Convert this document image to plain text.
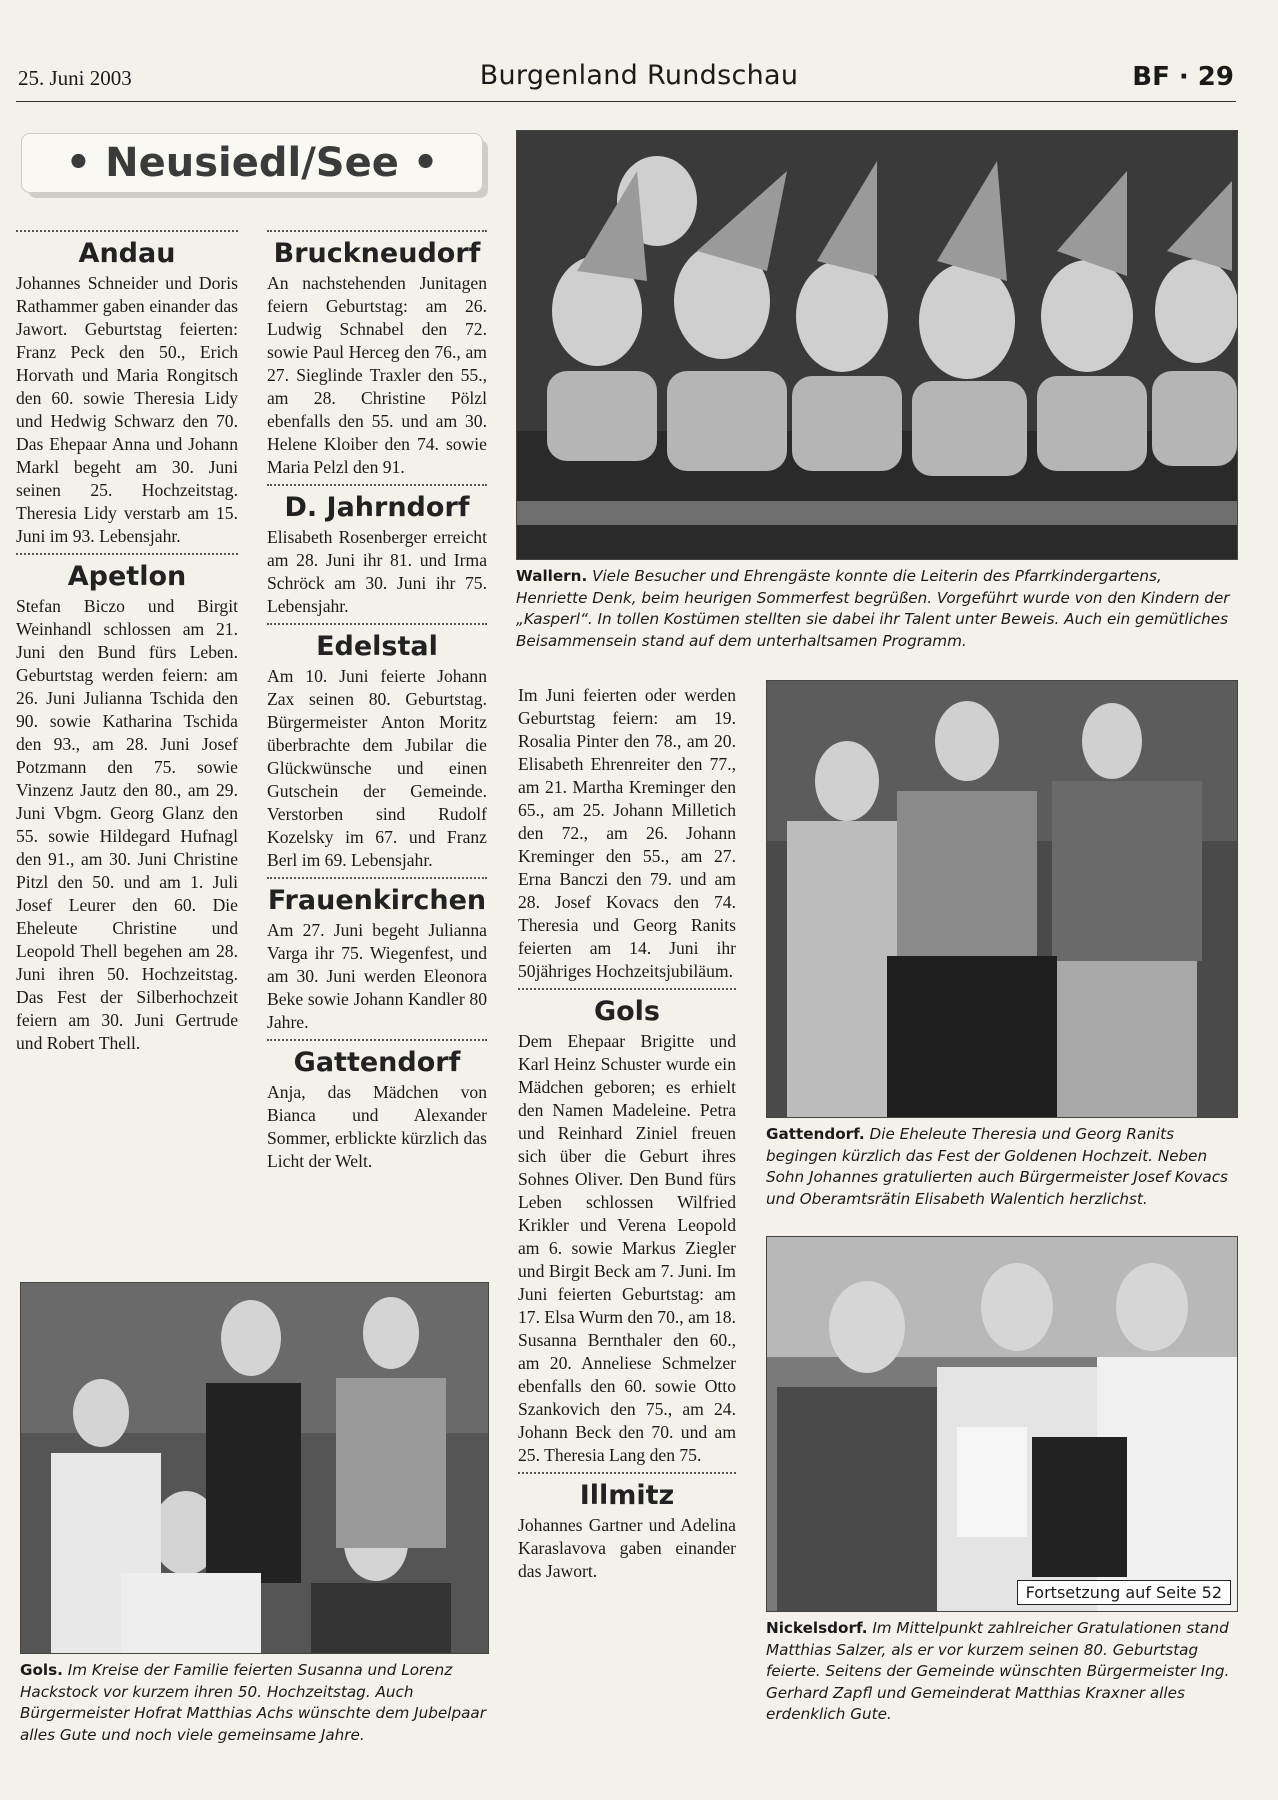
25. Juni 2003	Burgenland Rundschau	BF · 29
• Neusiedl/See •
Andau

Johannes Schneider und Doris Rathammer gaben einander das Jawort. Geburtstag feierten: Franz Peck den 50., Erich Horvath und Maria Rongitsch den 60. sowie Theresia Lidy und Hedwig Schwarz den 70. Das Ehepaar Anna und Johann Markl begeht am 30. Juni seinen 25. Hochzeitstag. Theresia Lidy verstarb am 15. Juni im 93. Lebensjahr.

Apetlon

Stefan Biczo und Birgit Weinhandl schlossen am 21. Juni den Bund fürs Leben. Geburtstag werden feiern: am 26. Juni Julianna Tschida den 90. sowie Katharina Tschida den 93., am 28. Juni Josef Potzmann den 75. sowie Vinzenz Jautz den 80., am 29. Juni Vbgm. Georg Glanz den 55. sowie Hildegard Hufnagl den 91., am 30. Juni Christine Pitzl den 50. und am 1. Juli Josef Leurer den 60. Die Eheleute Christine und Leopold Thell begehen am 28. Juni ihren 50. Hochzeitstag. Das Fest der Silberhochzeit feiern am 30. Juni Gertrude und Robert Thell.

Bruckneudorf

An nachstehenden Junitagen feiern Geburtstag: am 26. Ludwig Schnabel den 72. sowie Paul Herceg den 76., am 27. Sieglinde Traxler den 55., am 28. Christine Pölzl ebenfalls den 55. und am 30. Helene Kloiber den 74. sowie Maria Pelzl den 91.

D. Jahrndorf

Elisabeth Rosenberger erreicht am 28. Juni ihr 81. und Irma Schröck am 30. Juni ihr 75. Lebensjahr.

Edelstal

Am 10. Juni feierte Johann Zax seinen 80. Geburtstag. Bürgermeister Anton Moritz überbrachte dem Jubilar die Glückwünsche und einen Gutschein der Gemeinde. Verstorben sind Rudolf Kozelsky im 67. und Franz Berl im 69. Lebensjahr.

Frauenkirchen

Am 27. Juni begeht Julianna Varga ihr 75. Wiegenfest, und am 30. Juni werden Eleonora Beke sowie Johann Kandler 80 Jahre.

Gattendorf

Anja, das Mädchen von Bianca und Alexander Sommer, erblickte kürzlich das Licht der Welt.

Im Juni feierten oder werden Geburtstag feiern: am 19. Rosalia Pinter den 78., am 20. Elisabeth Ehrenreiter den 77., am 21. Martha Kreminger den 65., am 25. Johann Milletich den 72., am 26. Johann Kreminger den 55., am 27. Erna Banczi den 79. und am 28. Josef Kovacs den 74. Theresia und Georg Ranits feierten am 14. Juni ihr 50jähriges Hochzeitsjubiläum.

Gols

Dem Ehepaar Brigitte und Karl Heinz Schuster wurde ein Mädchen geboren; es erhielt den Namen Madeleine. Petra und Reinhard Ziniel freuen sich über die Geburt ihres Sohnes Oliver. Den Bund fürs Leben schlossen Wilfried Krikler und Verena Leopold am 6. sowie Markus Ziegler und Birgit Beck am 7. Juni. Im Juni feierten Geburtstag: am 17. Elsa Wurm den 70., am 18. Susanna Bernthaler den 60., am 20. Anneliese Schmelzer ebenfalls den 60. sowie Otto Szankovich den 75., am 24. Johann Beck den 70. und am 25. Theresia Lang den 75.

Illmitz

Johannes Gartner und Adelina Karaslavova gaben einander das Jawort.

Wallern. Viele Besucher und Ehrengäste konnte die Leiterin des Pfarrkindergartens, Henriette Denk, beim heurigen Sommerfest begrüßen. Vorgeführt wurde von den Kindern der „Kasperl“. In tollen Kostümen stellten sie dabei ihr Talent unter Beweis. Auch ein gemütliches Beisammensein stand auf dem unterhaltsamen Programm.
Gattendorf. Die Eheleute Theresia und Georg Ranits begingen kürzlich das Fest der Goldenen Hochzeit. Neben Sohn Johannes gratulierten auch Bürgermeister Josef Kovacs und Oberamtsrätin Elisabeth Walentich herzlichst.
Gols. Im Kreise der Familie feierten Susanna und Lorenz Hackstock vor kurzem ihren 50. Hochzeitstag. Auch Bürgermeister Hofrat Matthias Achs wünschte dem Jubelpaar alles Gute und noch viele gemeinsame Jahre.
Fortsetzung auf Seite 52
Nickelsdorf. Im Mittelpunkt zahlreicher Gratulationen stand Matthias Salzer, als er vor kurzem seinen 80. Geburtstag feierte. Seitens der Gemeinde wünschten Bürgermeister Ing. Gerhard Zapfl und Gemeinderat Matthias Kraxner alles erdenklich Gute.
